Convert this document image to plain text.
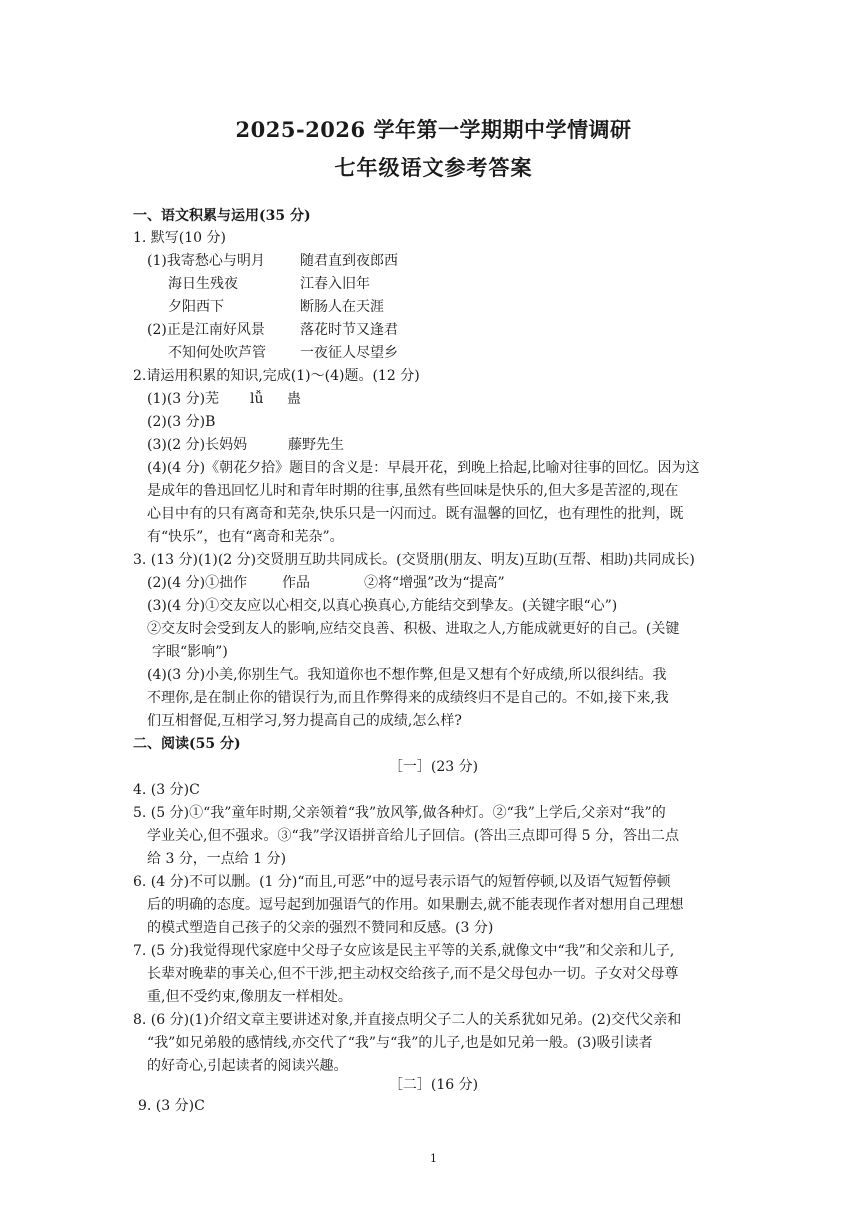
2025-2026 学年第一学期期中学情调研
七年级语文参考答案
一、语文积累与运用(35 分)
1. 默写(10 分)
(1)我寄愁心与明月	随君直到夜郎西
海日生残夜	江春入旧年
夕阳西下	断肠人在天涯
(2)正是江南好风景	落花时节又逢君
不知何处吹芦管 一夜征人尽望乡
2.请运用积累的知识,完成(1)～(4)题。(12 分)
(1)(3 分)芜 lǚ 蛊
(2)(3 分)B
(3)(2 分)长妈妈	藤野先生
(4)(4 分)《朝花夕拾》题目的含义是：早晨开花，到晚上拾起,比喻对往事的回忆。因为这
是成年的鲁迅回忆儿时和青年时期的往事,虽然有些回味是快乐的,但大多是苦涩的,现在
心目中有的只有离奇和芜杂,快乐只是一闪而过。既有温馨的回忆，也有理性的批判，既
有“快乐”，也有“离奇和芜杂”。
3. (13 分)(1)(2 分)交贤朋互助共同成长。(交贤朋(朋友、明友)互助(互帮、相助)共同成长)
(2)(4 分)①拙作 作品	②将“增强”改为“提高”
(3)(4 分)①交友应以心相交,以真心换真心,方能结交到挚友。(关键字眼“心”)
②交友时会受到友人的影响,应结交良善、积极、进取之人,方能成就更好的自己。(关键
字眼“影响”)
(4)(3 分)小美,你别生气。我知道你也不想作弊,但是又想有个好成绩,所以很纠结。我
不理你,是在制止你的错误行为,而且作弊得来的成绩终归不是自己的。不如,接下来,我
们互相督促,互相学习,努力提高自己的成绩,怎么样?
二、阅读(55 分)
［一］(23 分)
4. (3 分)C
5. (5 分)①“我”童年时期,父亲领着“我”放风筝,做各种灯。②“我”上学后,父亲对“我”的
学业关心,但不强求。③“我”学汉语拼音给儿子回信。(答出三点即可得 5 分，答出二点
给 3 分，一点给 1 分)
6. (4 分)不可以删。(1 分)“而且,可恶”中的逗号表示语气的短暂停顿,以及语气短暂停顿
后的明确的态度。逗号起到加强语气的作用。如果删去,就不能表现作者对想用自己理想
的模式塑造自己孩子的父亲的强烈不赞同和反感。(3 分)
7. (5 分)我觉得现代家庭中父母子女应该是民主平等的关系,就像文中“我”和父亲和儿子,
长辈对晚辈的事关心,但不干涉,把主动权交给孩子,而不是父母包办一切。子女对父母尊
重,但不受约束,像朋友一样相处。
8. (6 分)(1)介绍文章主要讲述对象,并直接点明父子二人的关系犹如兄弟。(2)交代父亲和
“我”如兄弟般的感情线,亦交代了“我”与“我”的儿子,也是如兄弟一般。(3)吸引读者
的好奇心,引起读者的阅读兴趣。
［二］(16 分)
9. (3 分)C
1
